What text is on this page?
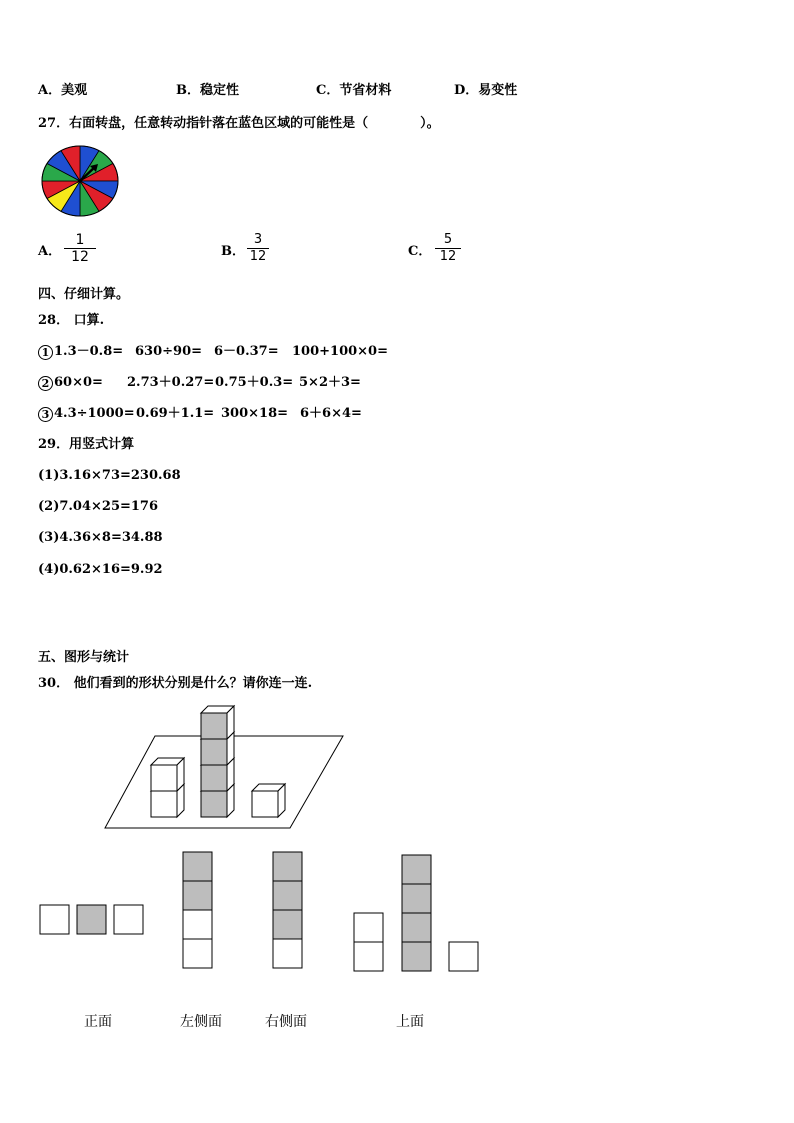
A．美观	B．稳定性	C．节省材料	D．易变性
27．右面转盘，任意转动指针落在蓝色区域的可能性是（　　　　）。
A．
1
12	B．
3
12	C．
5
12
四、仔细计算。
28． 口算.
1 1.3－0.8= 630÷90= 6－0.37= 100+100×0=
2 60×0= 2.73＋0.27= 0.75＋0.3= 5×2＋3=
3 4.3÷1000= 0.69＋1.1= 300×18= 6＋6×4=
29．用竖式计算
(1)3.16×73=230.68
(2)7.04×25=176
(3)4.36×8=34.88
(4)0.62×16=9.92
五、图形与统计
30． 他们看到的形状分别是什么？请你连一连.
正面	左侧面	右侧面	上面
